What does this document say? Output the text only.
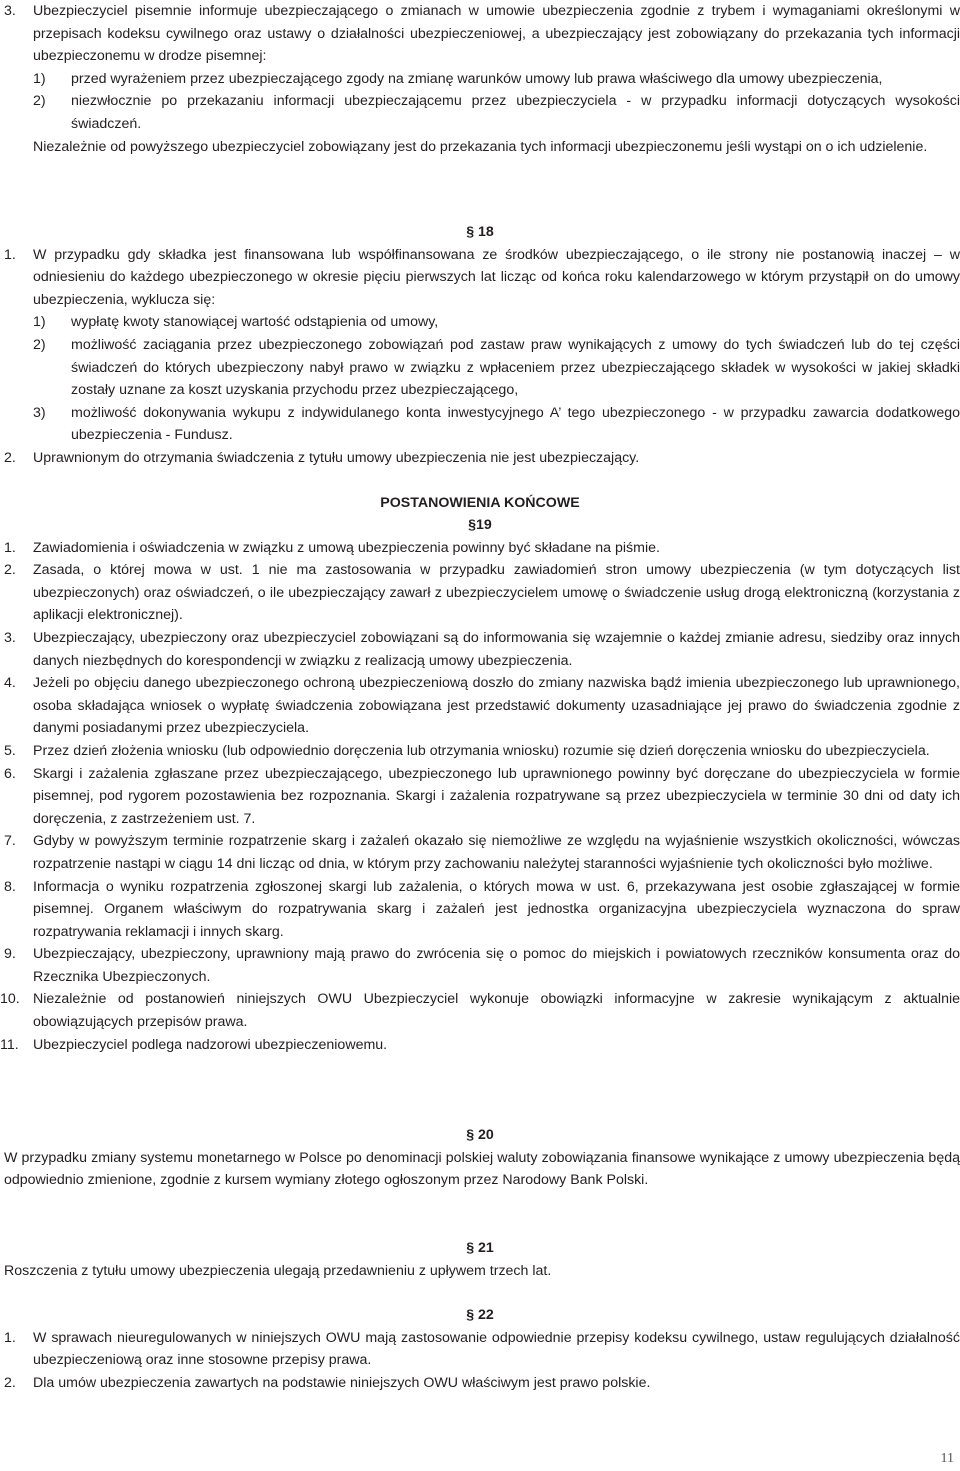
3.	Ubezpieczyciel pisemnie informuje ubezpieczającego o zmianach w umowie ubezpieczenia zgodnie z trybem i wymaganiami określonymi w przepisach kodeksu cywilnego oraz ustawy o działalności ubezpieczeniowej, a ubezpieczający jest zobowiązany do przekazania tych informacji ubezpieczonemu w drodze pisemnej:
1)	przed wyrażeniem przez ubezpieczającego zgody na zmianę warunków umowy lub prawa właściwego dla umowy ubezpieczenia,
2)	niezwłocznie po przekazaniu informacji ubezpieczającemu przez ubezpieczyciela - w przypadku informacji dotyczących wysokości świadczeń.
Niezależnie od powyższego ubezpieczyciel zobowiązany jest do przekazania tych informacji ubezpieczonemu jeśli wystąpi on o ich udzielenie.
§ 18
1.	W przypadku gdy składka jest finansowana lub współfinansowana ze środków ubezpieczającego, o ile strony nie postanowią inaczej – w odniesieniu do każdego ubezpieczonego w okresie pięciu pierwszych lat licząc od końca roku kalendarzowego w którym przystąpił on do umowy ubezpieczenia, wyklucza się:
1)	wypłatę kwoty stanowiącej wartość odstąpienia od umowy,
2)	możliwość zaciągania przez ubezpieczonego zobowiązań pod zastaw praw wynikających z umowy do tych świadczeń lub do tej części świadczeń do których ubezpieczony nabył prawo w związku z wpłaceniem przez ubezpieczającego składek w wysokości w jakiej składki zostały uznane za koszt uzyskania przychodu przez ubezpieczającego,
3)	możliwość dokonywania wykupu z indywidulanego konta inwestycyjnego A’ tego ubezpieczonego - w przypadku zawarcia dodatkowego ubezpieczenia - Fundusz.
2.	Uprawnionym do otrzymania świadczenia z tytułu umowy ubezpieczenia nie jest ubezpieczający.
POSTANOWIENIA KOŃCOWE
§19
1.	Zawiadomienia i oświadczenia w związku z umową ubezpieczenia powinny być składane na piśmie.
2.	Zasada, o której mowa w ust. 1 nie ma zastosowania w przypadku zawiadomień stron umowy ubezpieczenia (w tym dotyczących list ubezpieczonych) oraz oświadczeń, o ile ubezpieczający zawarł z ubezpieczycielem umowę o świadczenie usług drogą elektroniczną (korzystania z aplikacji elektronicznej).
3.	Ubezpieczający, ubezpieczony oraz ubezpieczyciel zobowiązani są do informowania się wzajemnie o każdej zmianie adresu, siedziby oraz innych danych niezbędnych do korespondencji w związku z realizacją umowy ubezpieczenia.
4.	Jeżeli po objęciu danego ubezpieczonego ochroną ubezpieczeniową doszło do zmiany nazwiska bądź imienia ubezpieczonego lub uprawnionego, osoba składająca wniosek o wypłatę świadczenia zobowiązana jest przedstawić dokumenty uzasadniające jej prawo do świadczenia zgodnie z danymi posiadanymi przez ubezpieczyciela.
5.	Przez dzień złożenia wniosku (lub odpowiednio doręczenia lub otrzymania wniosku) rozumie się dzień doręczenia wniosku do ubezpieczyciela.
6.	Skargi i zażalenia zgłaszane przez ubezpieczającego, ubezpieczonego lub uprawnionego powinny być doręczane do ubezpieczyciela w formie pisemnej, pod rygorem pozostawienia bez rozpoznania. Skargi i zażalenia rozpatrywane są przez ubezpieczyciela w terminie 30 dni od daty ich doręczenia, z zastrzeżeniem ust. 7.
7.	Gdyby w powyższym terminie rozpatrzenie skarg i zażaleń okazało się niemożliwe ze względu na wyjaśnienie wszystkich okoliczności, wówczas rozpatrzenie nastąpi w ciągu 14 dni licząc od dnia, w którym przy zachowaniu należytej staranności wyjaśnienie tych okoliczności było możliwe.
8.	Informacja o wyniku rozpatrzenia zgłoszonej skargi lub zażalenia, o których mowa w ust. 6, przekazywana jest osobie zgłaszającej w formie pisemnej. Organem właściwym do rozpatrywania skarg i zażaleń jest jednostka organizacyjna ubezpieczyciela wyznaczona do spraw rozpatrywania reklamacji i innych skarg.
9.	Ubezpieczający, ubezpieczony, uprawniony mają prawo do zwrócenia się o pomoc do miejskich i powiatowych rzeczników konsumenta oraz do Rzecznika Ubezpieczonych.
10. Niezależnie od postanowień niniejszych OWU Ubezpieczyciel wykonuje obowiązki informacyjne w zakresie wynikającym z aktualnie obowiązujących przepisów prawa.
11.	Ubezpieczyciel podlega nadzorowi ubezpieczeniowemu.
§ 20
W przypadku zmiany systemu monetarnego w Polsce po denominacji polskiej waluty zobowiązania finansowe wynikające z umowy ubezpieczenia będą odpowiednio zmienione, zgodnie z kursem wymiany złotego ogłoszonym przez Narodowy Bank Polski.
§ 21
Roszczenia z tytułu umowy ubezpieczenia ulegają przedawnieniu z upływem trzech lat.
§ 22
1.	W sprawach nieuregulowanych w niniejszych OWU mają zastosowanie odpowiednie przepisy kodeksu cywilnego, ustaw regulujących działalność ubezpieczeniową oraz inne stosowne przepisy prawa.
2.	Dla umów ubezpieczenia zawartych na podstawie niniejszych OWU właściwym jest prawo polskie.
11
